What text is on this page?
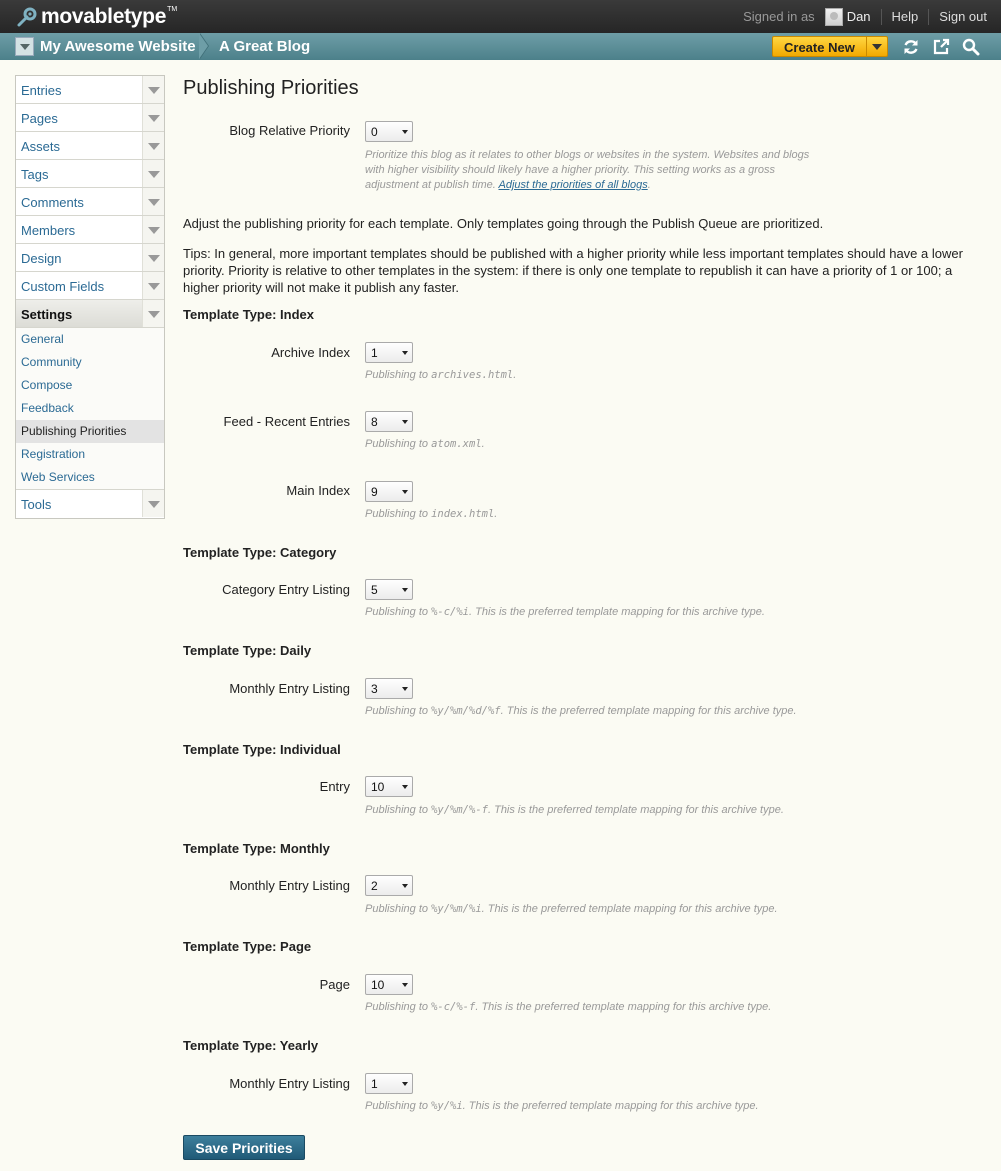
movabletype TM	Signed in as Dan Help Sign out
My Awesome Website A Great Blog	Create New
Entries
Pages
Assets
Tags
Comments
Members
Design
Custom Fields
Settings
General
Community
Compose
Feedback
Publishing Priorities
Registration
Web Services
Tools
Publishing Priorities
Blog Relative Priority	0
Prioritize this blog as it relates to other blogs or websites in the system. Websites and blogs with higher visibility should likely have a higher priority. This setting works as a gross adjustment at publish time. Adjust the priorities of all blogs.
Adjust the publishing priority for each template. Only templates going through the Publish Queue are prioritized.
Tips: In general, more important templates should be published with a higher priority while less important templates should have a lower priority. Priority is relative to other templates in the system: if there is only one template to republish it can have a priority of 1 or 100; a higher priority will not make it publish any faster.
Template Type: Index
Archive Index	1
Publishing to archives.html.
Feed - Recent Entries	8
Publishing to atom.xml.
Main Index	9
Publishing to index.html.
Template Type: Category
Category Entry Listing	5
Publishing to %-c/%i. This is the preferred template mapping for this archive type.
Template Type: Daily
Monthly Entry Listing	3
Publishing to %y/%m/%d/%f. This is the preferred template mapping for this archive type.
Template Type: Individual
Entry	10
Publishing to %y/%m/%-f. This is the preferred template mapping for this archive type.
Template Type: Monthly
Monthly Entry Listing	2
Publishing to %y/%m/%i. This is the preferred template mapping for this archive type.
Template Type: Page
Page	10
Publishing to %-c/%-f. This is the preferred template mapping for this archive type.
Template Type: Yearly
Monthly Entry Listing	1
Publishing to %y/%i. This is the preferred template mapping for this archive type.
Save Priorities
